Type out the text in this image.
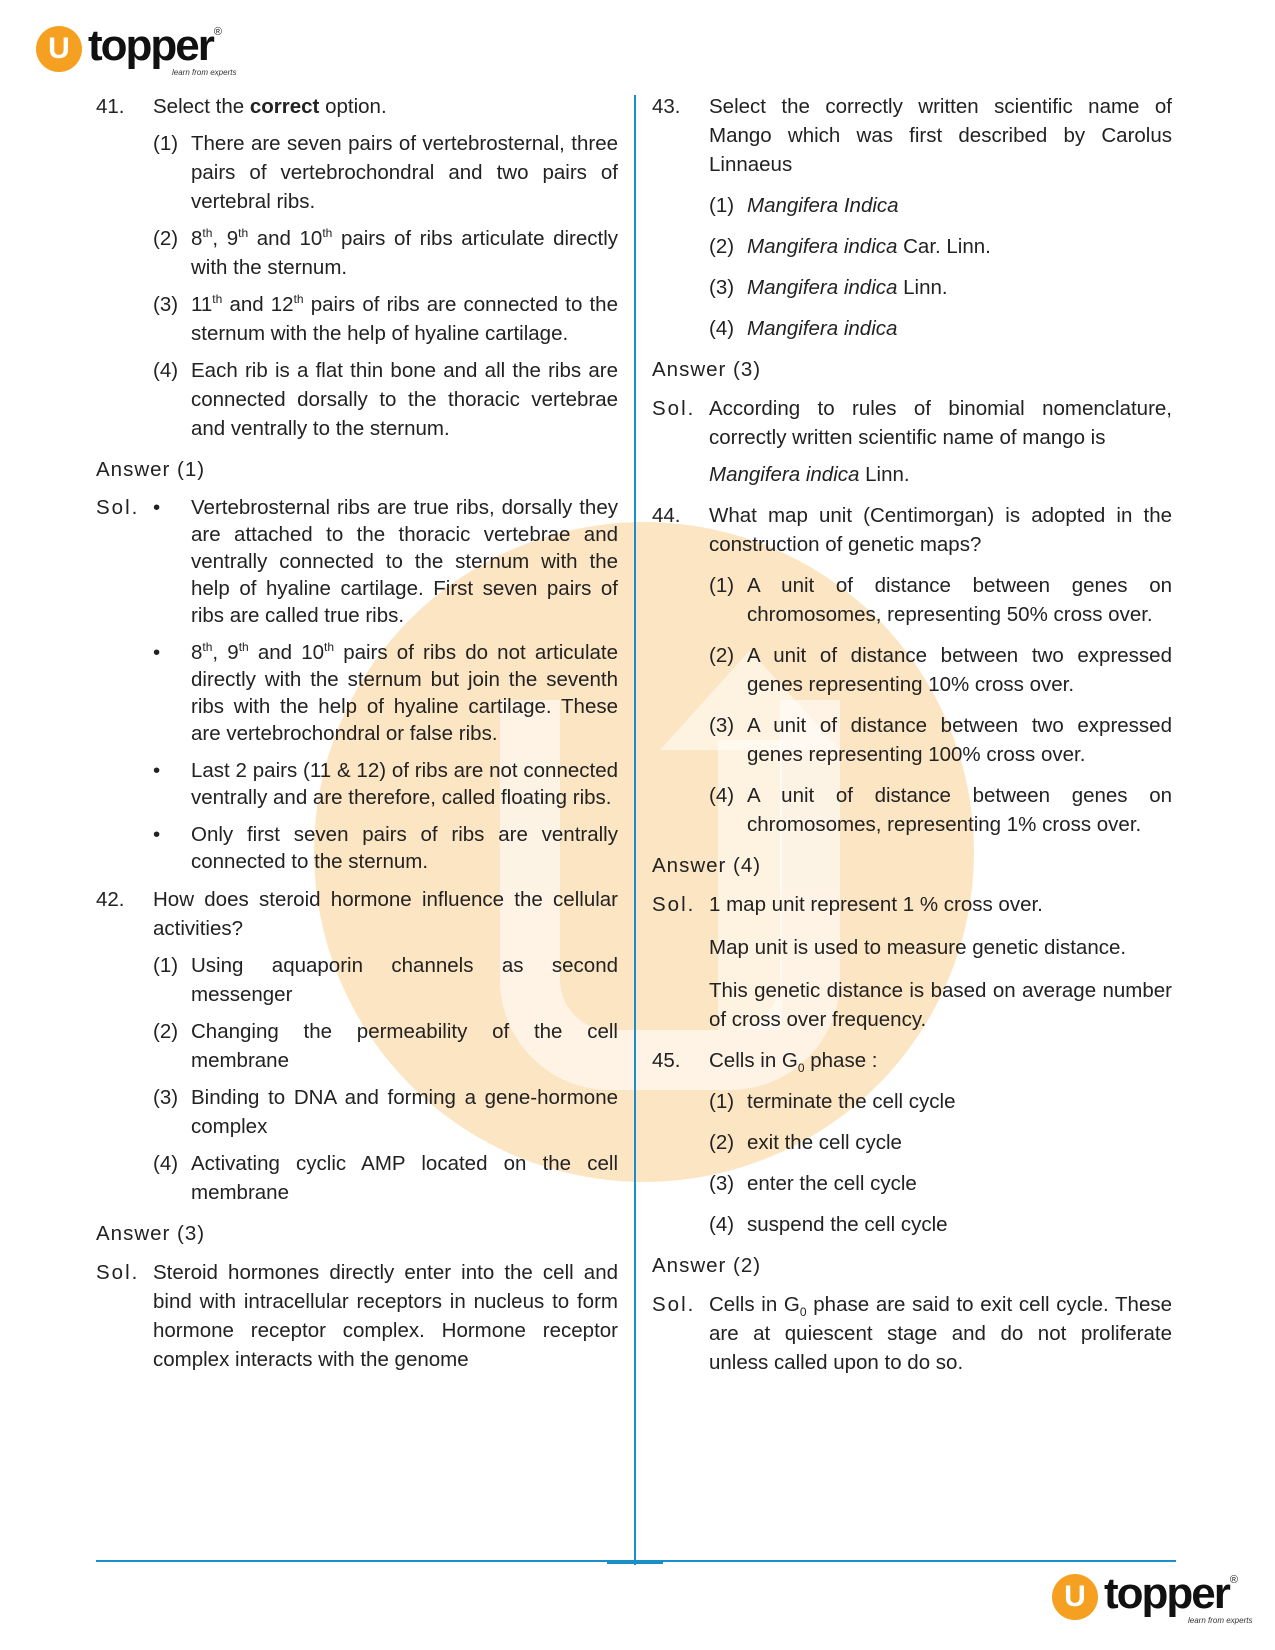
U topper ®
learn from experts
41.	Select the correct option.
(1) There are seven pairs of vertebrosternal, three pairs of vertebrochondral and two pairs of vertebral ribs.
(2) 8th, 9th and 10th pairs of ribs articulate directly with the sternum.
(3) 11th and 12th pairs of ribs are connected to the sternum with the help of hyaline cartilage.
(4) Each rib is a flat thin bone and all the ribs are connected dorsally to the thoracic vertebrae and ventrally to the sternum.
Answer (1)
Sol. •	Vertebrosternal ribs are true ribs, dorsally they are attached to the thoracic vertebrae and ventrally connected to the sternum with the help of hyaline cartilage. First seven pairs of ribs are called true ribs.
•	8th, 9th and 10th pairs of ribs do not articulate directly with the sternum but join the seventh ribs with the help of hyaline cartilage. These are vertebrochondral or false ribs.
•	Last 2 pairs (11 & 12) of ribs are not connected ventrally and are therefore, called floating ribs.
•	Only first seven pairs of ribs are ventrally connected to the sternum.
42.	How does steroid hormone influence the cellular activities?
(1) Using aquaporin channels as second messenger
(2) Changing the permeability of the cell membrane
(3) Binding to DNA and forming a gene-hormone complex
(4) Activating cyclic AMP located on the cell membrane
Answer (3)
Sol. Steroid hormones directly enter into the cell and bind with intracellular receptors in nucleus to form hormone receptor complex. Hormone receptor complex interacts with the genome
43.	Select the correctly written scientific name of Mango which was first described by Carolus Linnaeus
(1) Mangifera Indica
(2) Mangifera indica Car. Linn.
(3) Mangifera indica Linn.
(4) Mangifera indica
Answer (3)
Sol. According to rules of binomial nomenclature, correctly written scientific name of mango is
Mangifera indica Linn.
44.	What map unit (Centimorgan) is adopted in the construction of genetic maps?
(1) A unit of distance between genes on chromosomes, representing 50% cross over.
(2) A unit of distance between two expressed genes representing 10% cross over.
(3) A unit of distance between two expressed genes representing 100% cross over.
(4) A unit of distance between genes on chromosomes, representing 1% cross over.
Answer (4)
Sol. 1 map unit represent 1 % cross over.
Map unit is used to measure genetic distance.
This genetic distance is based on average number of cross over frequency.
45.	Cells in $G_0$ phase :
(1) terminate the cell cycle
(2) exit the cell cycle
(3) enter the cell cycle
(4) suspend the cell cycle
Answer (2)
Sol. Cells in $G_0$ phase are said to exit cell cycle. These are at quiescent stage and do not proliferate unless called upon to do so.
U topper ®
learn from experts
